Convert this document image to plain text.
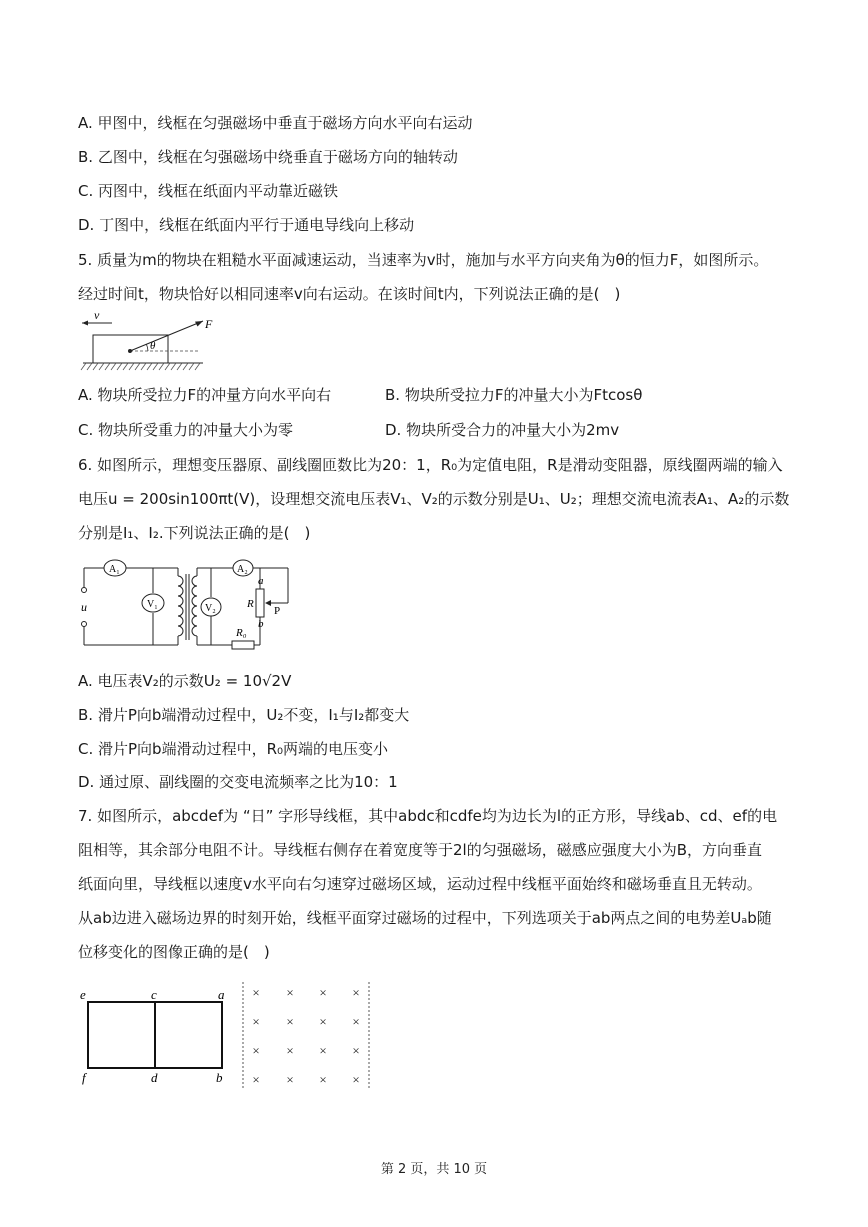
A. 甲图中，线框在匀强磁场中垂直于磁场方向水平向右运动
B. 乙图中，线框在匀强磁场中绕垂直于磁场方向的轴转动
C. 丙图中，线框在纸面内平动靠近磁铁
D. 丁图中，线框在纸面内平行于通电导线向上移动
5. 质量为m的物块在粗糙水平面减速运动，当速率为v时，施加与水平方向夹角为θ的恒力F，如图所示。
经过时间t，物块恰好以相同速率v向右运动。在该时间t内，下列说法正确的是(　)
v
F
θ
A. 物块所受拉力F的冲量方向水平向右	B. 物块所受拉力F的冲量大小为Ftcosθ
C. 物块所受重力的冲量大小为零	D. 物块所受合力的冲量大小为2mv
6. 如图所示，理想变压器原、副线圈匝数比为20：1，R₀为定值电阻，R是滑动变阻器，原线圈两端的输入
电压u = 200sin100πt(V)，设理想交流电压表V₁、V₂的示数分别是U₁、U₂；理想交流电流表A₁、A₂的示数
分别是I₁、I₂.下列说法正确的是(　)
A₁
V₁
A₂
V₂
u
a
b
R
P
R₀
A. 电压表V₂的示数U₂ = 10√2V
B. 滑片P向b端滑动过程中，U₂不变，I₁与I₂都变大
C. 滑片P向b端滑动过程中，R₀两端的电压变小
D. 通过原、副线圈的交变电流频率之比为10：1
7. 如图所示，abcdef为 “日” 字形导线框，其中abdc和cdfe均为边长为l的正方形，导线ab、cd、ef的电
阻相等，其余部分电阻不计。导线框右侧存在着宽度等于2l的匀强磁场，磁感应强度大小为B，方向垂直
纸面向里，导线框以速度v水平向右匀速穿过磁场区域，运动过程中线框平面始终和磁场垂直且无转动。
从ab边进入磁场边界的时刻开始，线框平面穿过磁场的过程中，下列选项关于ab两点之间的电势差Uₐb随
位移变化的图像正确的是(　)
e	c	a
f	d	b
× × × ×
× × × ×
× × × ×
× × × ×
第 2 页，共 10 页
